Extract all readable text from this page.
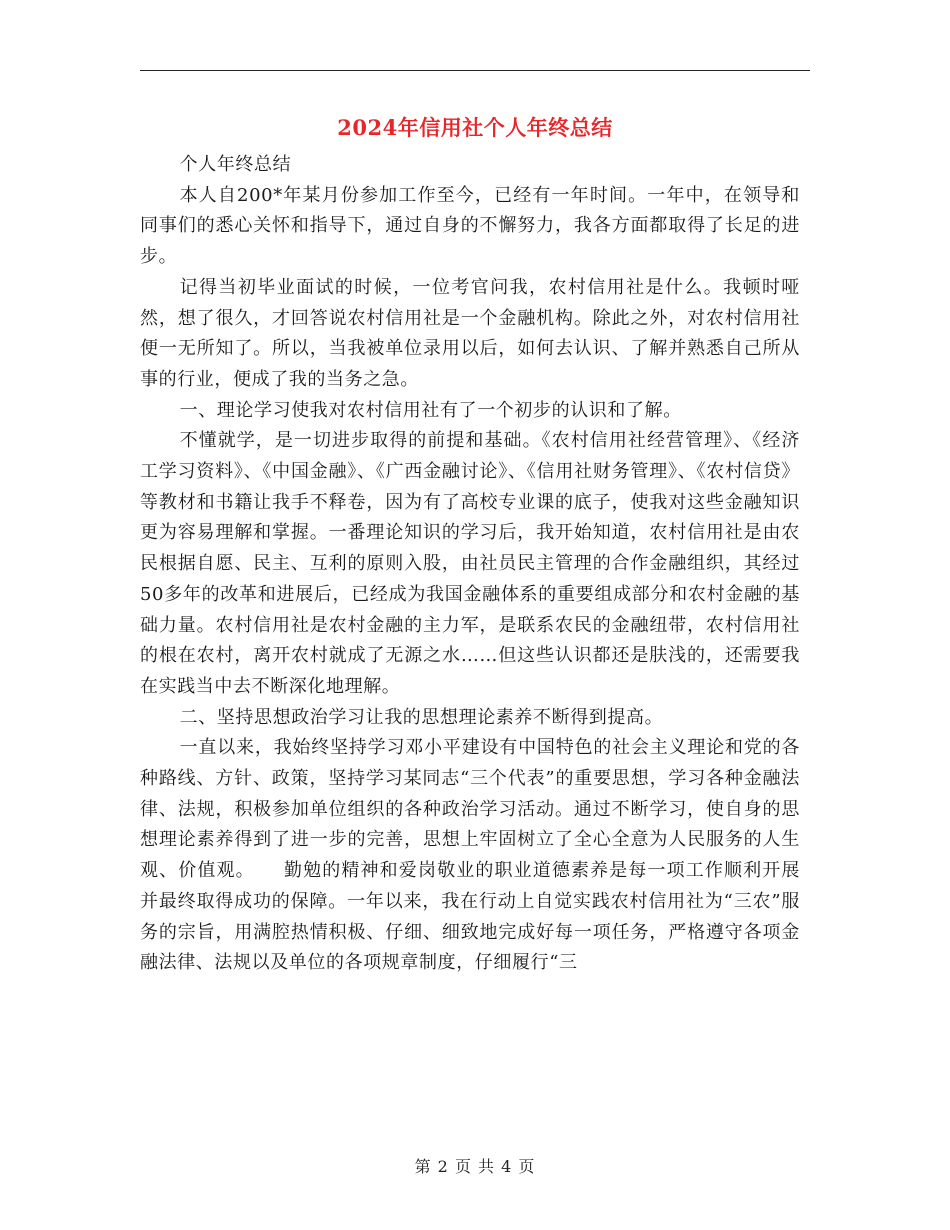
2024年信用社个人年终总结

个人年终总结

本人自200*年某月份参加工作至今，已经有一年时间。一年中，在领导和同事们的悉心关怀和指导下，通过自身的不懈努力，我各方面都取得了长足的进步。

记得当初毕业面试的时候，一位考官问我，农村信用社是什么。我顿时哑然，想了很久，才回答说农村信用社是一个金融机构。除此之外，对农村信用社便一无所知了。所以，当我被单位录用以后，如何去认识、了解并熟悉自己所从事的行业，便成了我的当务之急。

一、理论学习使我对农村信用社有了一个初步的认识和了解。

不懂就学，是一切进步取得的前提和基础。《农村信用社经营管理》、《经济工学习资料》、《中国金融》、《广西金融讨论》、《信用社财务管理》、《农村信贷》等教材和书籍让我手不释卷，因为有了高校专业课的底子，使我对这些金融知识更为容易理解和掌握。一番理论知识的学习后，我开始知道，农村信用社是由农民根据自愿、民主、互利的原则入股，由社员民主管理的合作金融组织，其经过50多年的改革和进展后，已经成为我国金融体系的重要组成部分和农村金融的基础力量。农村信用社是农村金融的主力军，是联系农民的金融纽带，农村信用社的根在农村，离开农村就成了无源之水……但这些认识都还是肤浅的，还需要我在实践当中去不断深化地理解。

二、坚持思想政治学习让我的思想理论素养不断得到提高。

一直以来，我始终坚持学习邓小平建设有中国特色的社会主义理论和党的各种路线、方针、政策，坚持学习某同志“三个代表”的重要思想，学习各种金融法律、法规，积极参加单位组织的各种政治学习活动。通过不断学习，使自身的思想理论素养得到了进一步的完善，思想上牢固树立了全心全意为人民服务的人生观、价值观。　　勤勉的精神和爱岗敬业的职业道德素养是每一项工作顺利开展并最终取得成功的保障。一年以来，我在行动上自觉实践农村信用社为“三农”服务的宗旨，用满腔热情积极、仔细、细致地完成好每一项任务，严格遵守各项金融法律、法规以及单位的各项规章制度，仔细履行“三

第 2 页 共 4 页
